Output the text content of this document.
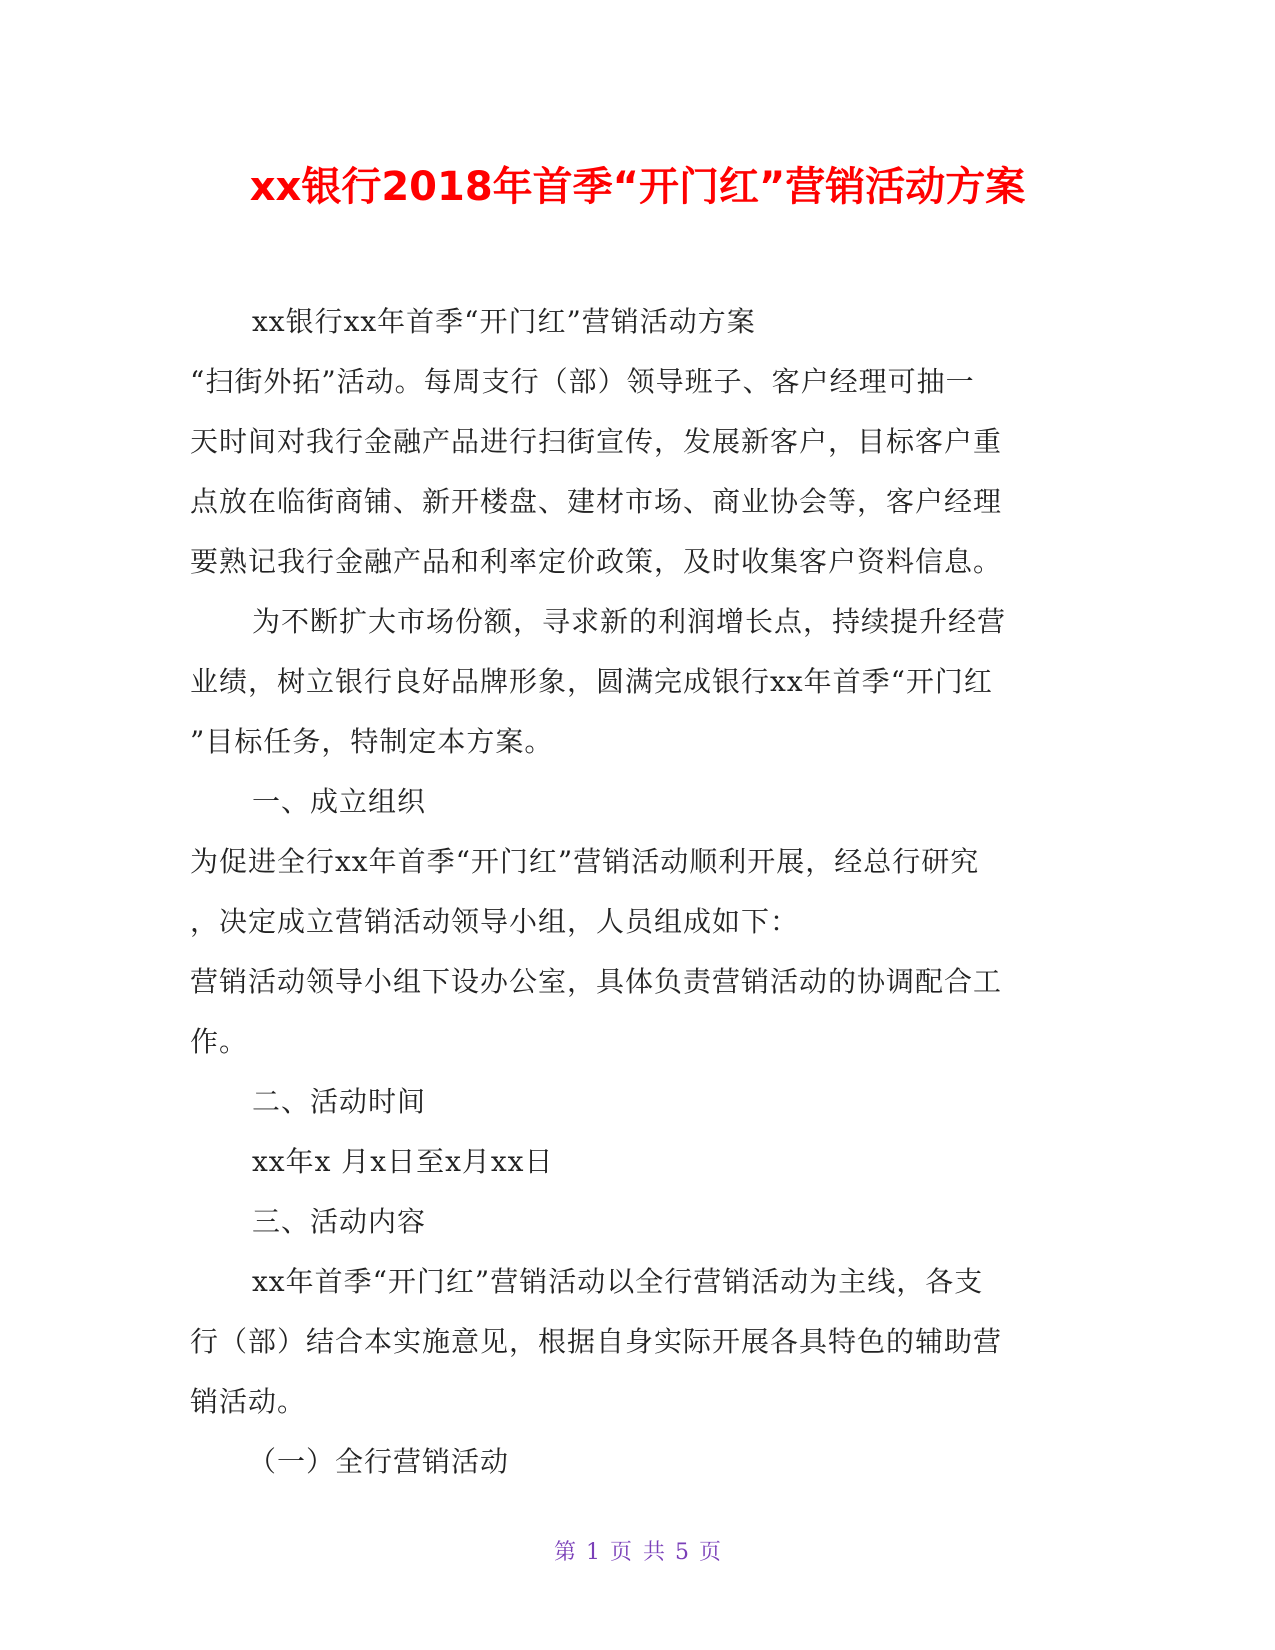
xx银行2018年首季“开门红”营销活动方案
xx银行xx年首季“开门红”营销活动方案
“扫街外拓”活动。每周支行（部）领导班子、客户经理可抽一
天时间对我行金融产品进行扫街宣传，发展新客户，目标客户重
点放在临街商铺、新开楼盘、建材市场、商业协会等，客户经理
要熟记我行金融产品和利率定价政策，及时收集客户资料信息。
为不断扩大市场份额，寻求新的利润增长点，持续提升经营
业绩，树立银行良好品牌形象，圆满完成银行xx年首季“开门红
”目标任务，特制定本方案。
一、成立组织
为促进全行xx年首季“开门红”营销活动顺利开展，经总行研究
，决定成立营销活动领导小组，人员组成如下：
营销活动领导小组下设办公室，具体负责营销活动的协调配合工
作。
二、活动时间
xx年x 月x日至x月xx日
三、活动内容
xx年首季“开门红”营销活动以全行营销活动为主线，各支
行（部）结合本实施意见，根据自身实际开展各具特色的辅助营
销活动。
（一）全行营销活动
第 1 页 共 5 页
